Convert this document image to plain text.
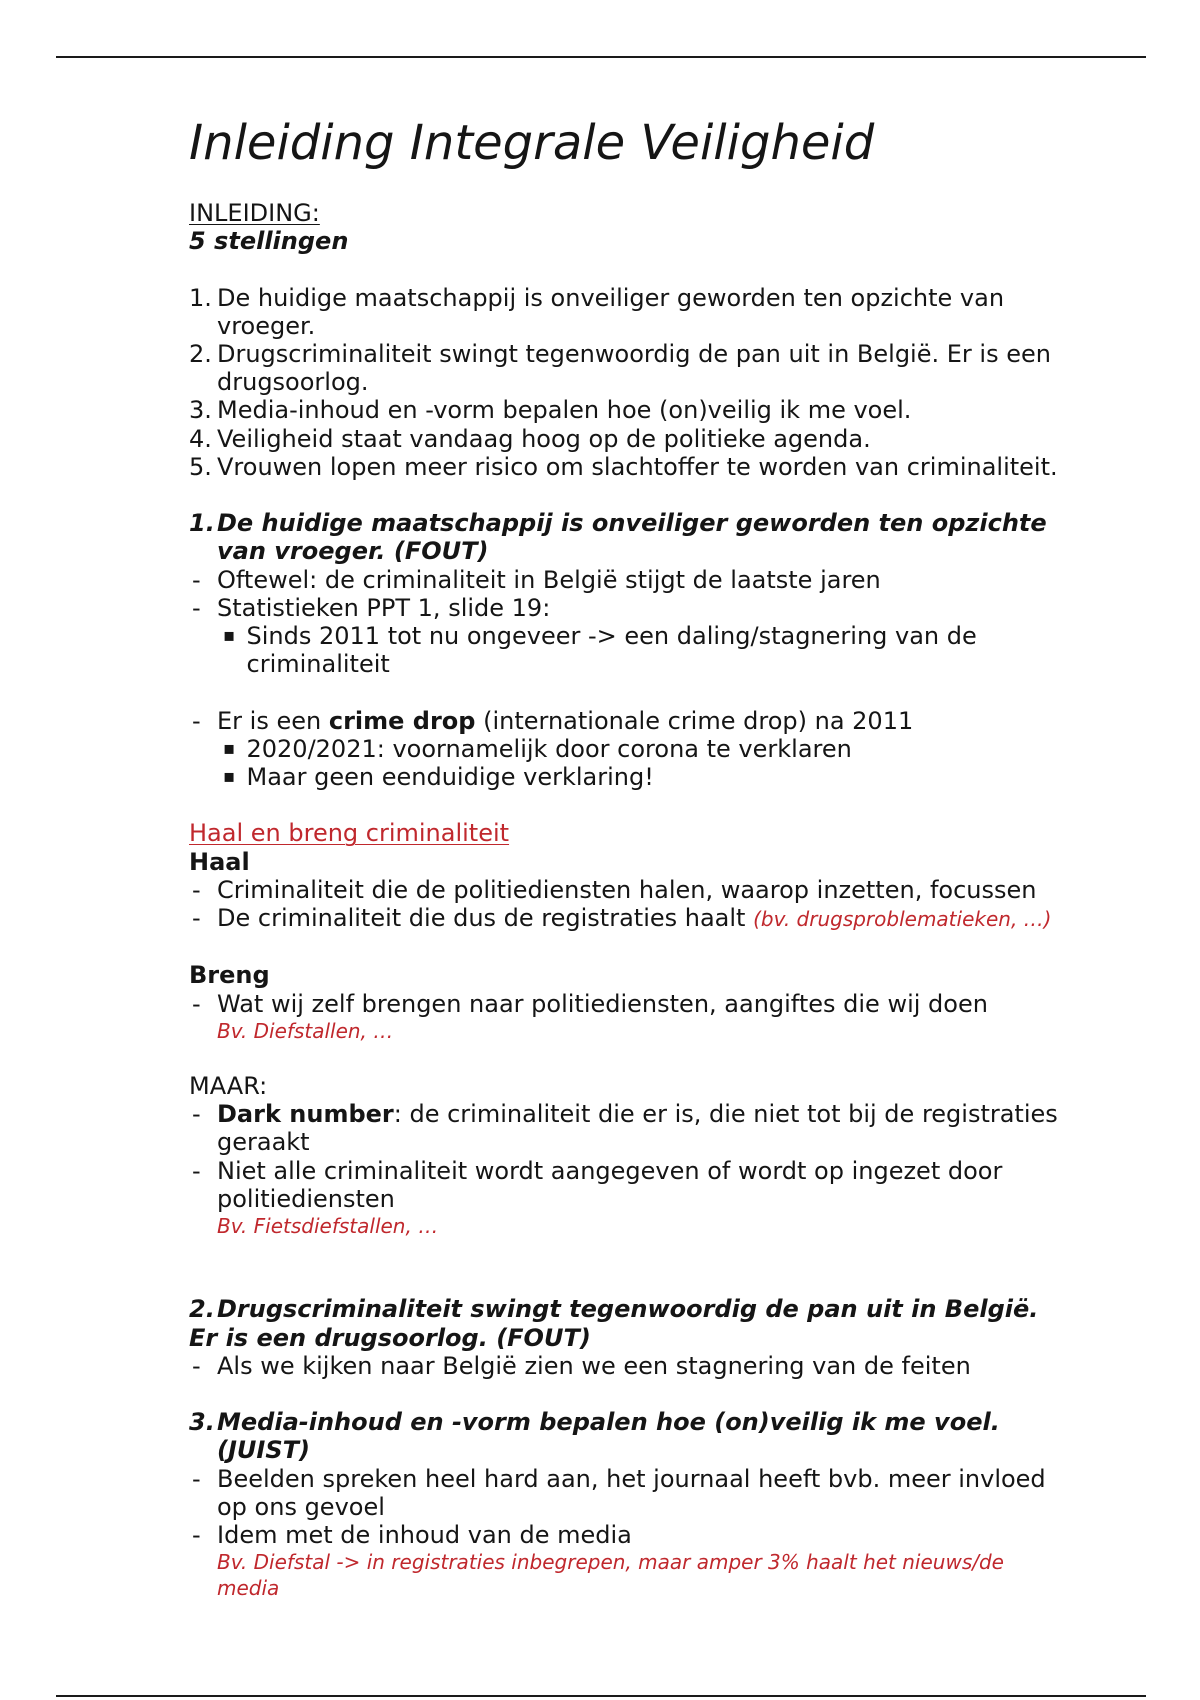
Inleiding Integrale Veiligheid
INLEIDING:
5 stellingen
1. De huidige maatschappij is onveiliger geworden ten opzichte van
vroeger.
2. Drugscriminaliteit swingt tegenwoordig de pan uit in België. Er is een
drugsoorlog.
3. Media-inhoud en -vorm bepalen hoe (on)veilig ik me voel.
4. Veiligheid staat vandaag hoog op de politieke agenda.
5. Vrouwen lopen meer risico om slachtoffer te worden van criminaliteit.
1. De huidige maatschappij is onveiliger geworden ten opzichte
van vroeger. (FOUT)
- Oftewel: de criminaliteit in België stijgt de laatste jaren
- Statistieken PPT 1, slide 19:
▪ Sinds 2011 tot nu ongeveer -> een daling/stagnering van de
criminaliteit
- Er is een crime drop (internationale crime drop) na 2011
▪ 2020/2021: voornamelijk door corona te verklaren
▪ Maar geen eenduidige verklaring!
Haal en breng criminaliteit
Haal
- Criminaliteit die de politiediensten halen, waarop inzetten, focussen
- De criminaliteit die dus de registraties haalt (bv. drugsproblematieken, …)
Breng
- Wat wij zelf brengen naar politiediensten, aangiftes die wij doen
Bv. Diefstallen, …
MAAR:
- Dark number: de criminaliteit die er is, die niet tot bij de registraties
geraakt
- Niet alle criminaliteit wordt aangegeven of wordt op ingezet door
politiediensten
Bv. Fietsdiefstallen, …
2. Drugscriminaliteit swingt tegenwoordig de pan uit in België.
Er is een drugsoorlog. (FOUT)
- Als we kijken naar België zien we een stagnering van de feiten
3. Media-inhoud en -vorm bepalen hoe (on)veilig ik me voel.
(JUIST)
- Beelden spreken heel hard aan, het journaal heeft bvb. meer invloed
op ons gevoel
- Idem met de inhoud van de media
Bv. Diefstal -> in registraties inbegrepen, maar amper 3% haalt het nieuws/de
media
